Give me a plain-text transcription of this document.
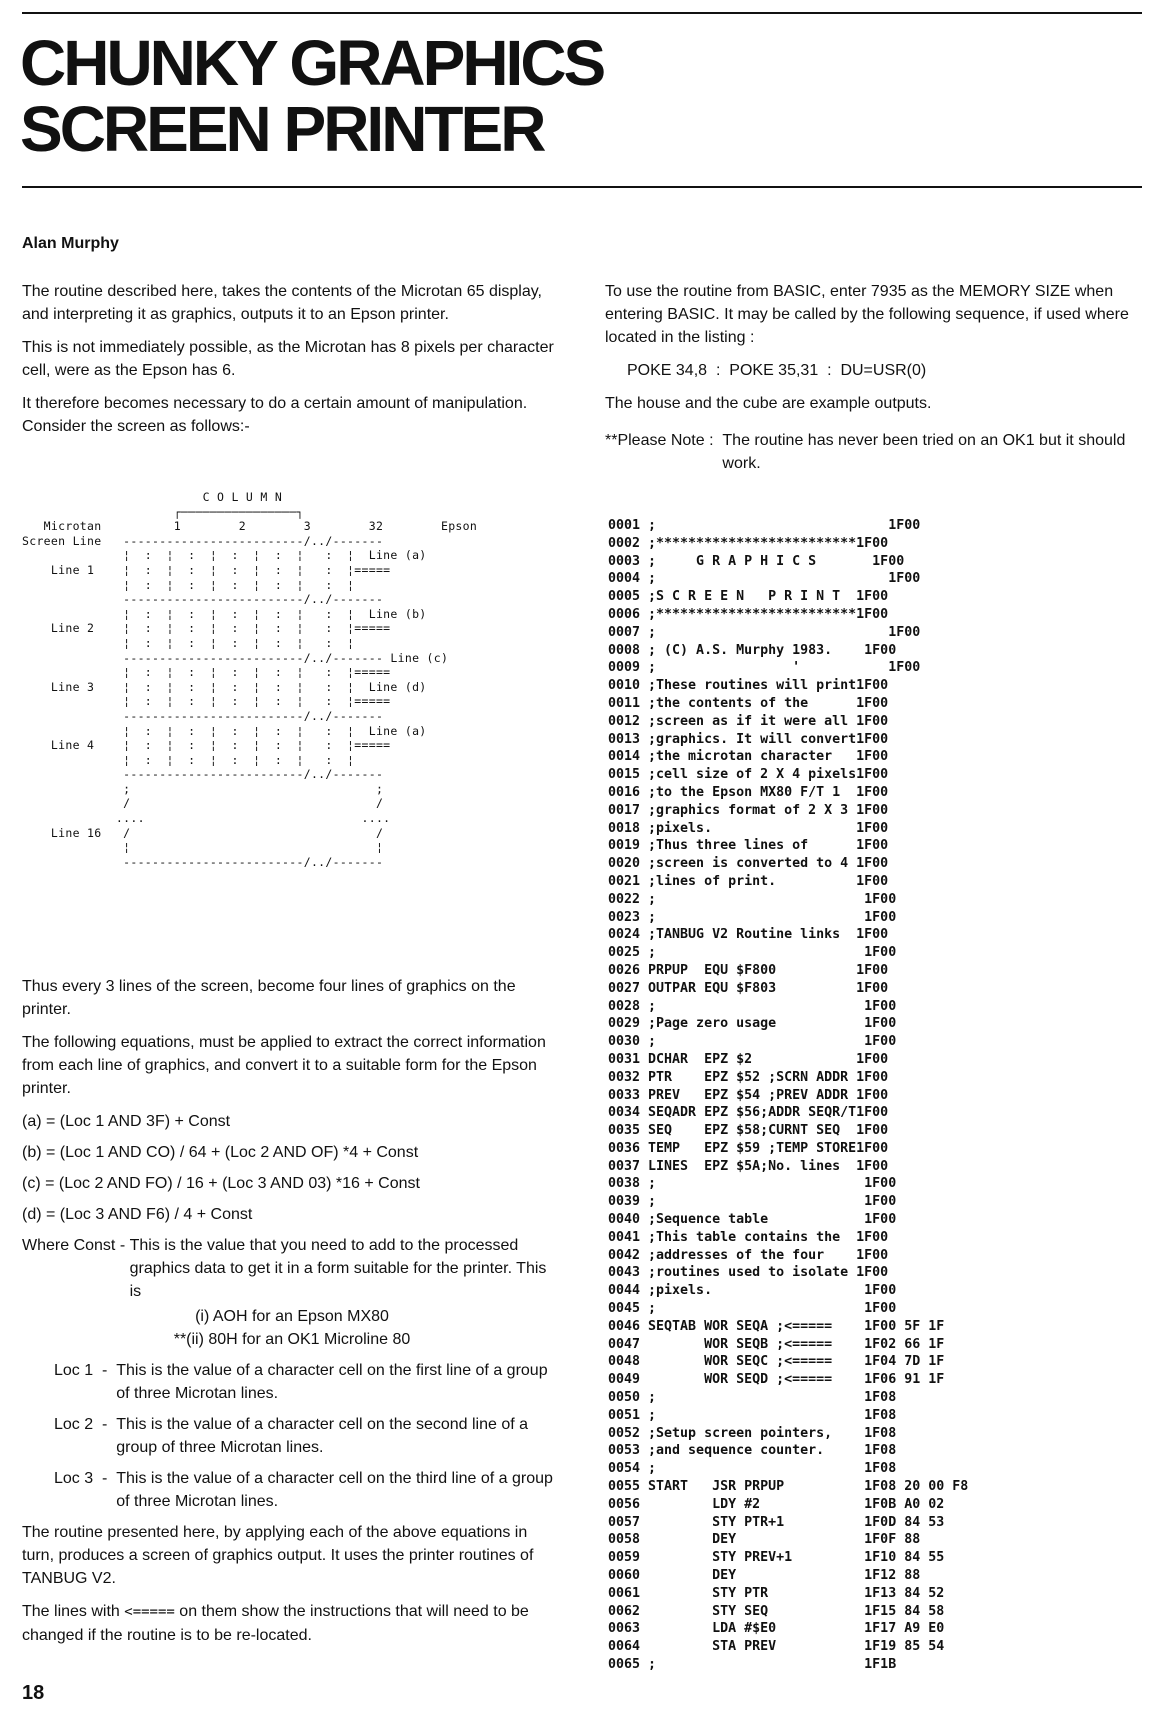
CHUNKY GRAPHICS
SCREEN PRINTER
Alan Murphy

The routine described here, takes the contents of the Microtan 65 display, and interpreting it as graphics, outputs it to an Epson printer.

This is not immediately possible, as the Microtan has 8 pixels per character cell, were as the Epson has 6.

It therefore becomes necessary to do a certain amount of manipulation. Consider the screen as follows:-

C O L U M N
┌────────────────┐
Microtan          1        2        3        32        Epson
Screen Line   -------------------------/../-------
¦  :  ¦  :  ¦  :  ¦  :  ¦   :  ¦  Line (a)
Line 1    ¦  :  ¦  :  ¦  :  ¦  :  ¦   :  ¦=====
¦  :  ¦  :  ¦  :  ¦  :  ¦   :  ¦
-------------------------/../-------
¦  :  ¦  :  ¦  :  ¦  :  ¦   :  ¦  Line (b)
Line 2    ¦  :  ¦  :  ¦  :  ¦  :  ¦   :  ¦=====
¦  :  ¦  :  ¦  :  ¦  :  ¦   :  ¦
-------------------------/../------- Line (c)
¦  :  ¦  :  ¦  :  ¦  :  ¦   :  ¦=====
Line 3    ¦  :  ¦  :  ¦  :  ¦  :  ¦   :  ¦  Line (d)
¦  :  ¦  :  ¦  :  ¦  :  ¦   :  ¦=====
-------------------------/../-------
¦  :  ¦  :  ¦  :  ¦  :  ¦   :  ¦  Line (a)
Line 4    ¦  :  ¦  :  ¦  :  ¦  :  ¦   :  ¦=====
¦  :  ¦  :  ¦  :  ¦  :  ¦   :  ¦
-------------------------/../-------
;                                  ;
/                                  /
....                              ....
Line 16   /                                  /
¦                                  ¦
-------------------------/../-------

Thus every 3 lines of the screen, become four lines of graphics on the printer.

The following equations, must be applied to extract the correct information from each line of graphics, and convert it to a suitable form for the Epson printer.

(a) = (Loc 1 AND 3F) + Const
(b) = (Loc 1 AND CO) / 64 + (Loc 2 AND OF) *4 + Const
(c) = (Loc 2 AND FO) / 16 + (Loc 3 AND 03) *16 + Const
(d) = (Loc 3 AND F6) / 4 + Const
Where Const - This is the value that you need to add to the processed graphics data to get it in a form suitable for the printer. This is
(i) AOH for an Epson MX80
**(ii) 80H for an OK1 Microline 80
Loc 1  - This is the value of a character cell on the first line of a group of three Microtan lines.
Loc 2  - This is the value of a character cell on the second line of a group of three Microtan lines.
Loc 3  - This is the value of a character cell on the third line of a group of three Microtan lines.

The routine presented here, by applying each of the above equations in turn, produces a screen of graphics output. It uses the printer routines of TANBUG V2.

The lines with <===== on them show the instructions that will need to be changed if the routine is to be re-located.

To use the routine from BASIC, enter 7935 as the MEMORY SIZE when entering BASIC. It may be called by the following sequence, if used where located in the listing :

POKE 34,8  :  POKE 35,31  :  DU=USR(0)

The house and the cube are example outputs.

**Please Note : The routine has never been tried on an OK1 but it should work.
0001 ;                             1F00
0002 ;*************************1F00
0003 ;     G R A P H I C S       1F00
0004 ;                             1F00
0005 ;S C R E E N   P R I N T  1F00
0006 ;*************************1F00
0007 ;                             1F00
0008 ; (C) A.S. Murphy 1983.    1F00
0009 ;                 '           1F00
0010 ;These routines will print1F00
0011 ;the contents of the      1F00
0012 ;screen as if it were all 1F00
0013 ;graphics. It will convert1F00
0014 ;the microtan character   1F00
0015 ;cell size of 2 X 4 pixels1F00
0016 ;to the Epson MX80 F/T 1  1F00
0017 ;graphics format of 2 X 3 1F00
0018 ;pixels.                  1F00
0019 ;Thus three lines of      1F00
0020 ;screen is converted to 4 1F00
0021 ;lines of print.          1F00
0022 ;                          1F00
0023 ;                          1F00
0024 ;TANBUG V2 Routine links  1F00
0025 ;                          1F00
0026 PRPUP  EQU $F800          1F00
0027 OUTPAR EQU $F803          1F00
0028 ;                          1F00
0029 ;Page zero usage           1F00
0030 ;                          1F00
0031 DCHAR  EPZ $2             1F00
0032 PTR    EPZ $52 ;SCRN ADDR 1F00
0033 PREV   EPZ $54 ;PREV ADDR 1F00
0034 SEQADR EPZ $56;ADDR SEQR/T1F00
0035 SEQ    EPZ $58;CURNT SEQ  1F00
0036 TEMP   EPZ $59 ;TEMP STORE1F00
0037 LINES  EPZ $5A;No. lines  1F00
0038 ;                          1F00
0039 ;                          1F00
0040 ;Sequence table            1F00
0041 ;This table contains the  1F00
0042 ;addresses of the four    1F00
0043 ;routines used to isolate 1F00
0044 ;pixels.                   1F00
0045 ;                          1F00
0046 SEQTAB WOR SEQA ;<=====    1F00 5F 1F
0047        WOR SEQB ;<=====    1F02 66 1F
0048        WOR SEQC ;<=====    1F04 7D 1F
0049        WOR SEQD ;<=====    1F06 91 1F
0050 ;                          1F08
0051 ;                          1F08
0052 ;Setup screen pointers,    1F08
0053 ;and sequence counter.     1F08
0054 ;                          1F08
0055 START   JSR PRPUP          1F08 20 00 F8
0056         LDY #2             1F0B A0 02
0057         STY PTR+1          1F0D 84 53
0058         DEY                1F0F 88
0059         STY PREV+1         1F10 84 55
0060         DEY                1F12 88
0061         STY PTR            1F13 84 52
0062         STY SEQ            1F15 84 58
0063         LDA #$E0           1F17 A9 E0
0064         STA PREV           1F19 85 54
0065 ;                          1F1B
18
